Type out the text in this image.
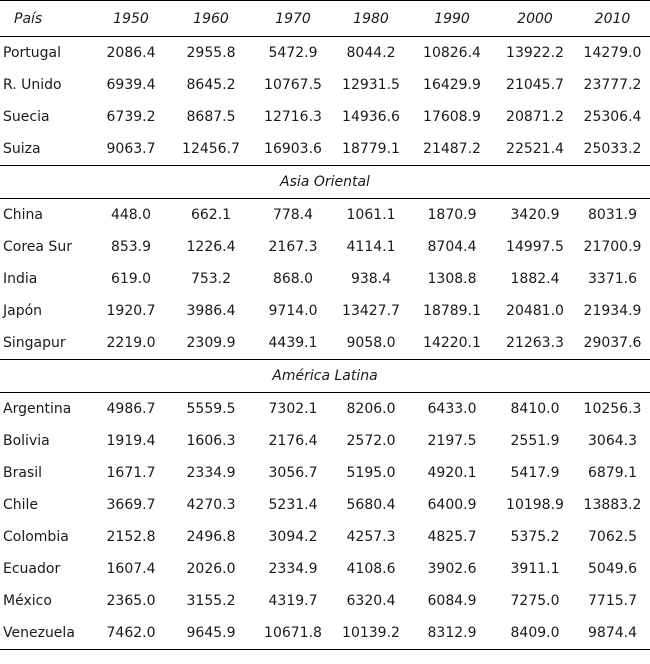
País	1950	1960	1970	1980	1990	2000	2010
Portugal	2086.4	2955.8	5472.9	8044.2	10826.4	13922.2	14279.0
R. Unido	6939.4	8645.2	10767.5	12931.5	16429.9	21045.7	23777.2
Suecia	6739.2	8687.5	12716.3	14936.6	17608.9	20871.2	25306.4
Suiza	9063.7	12456.7	16903.6	18779.1	21487.2	22521.4	25033.2
Asia Oriental							
China	448.0	662.1	778.4	1061.1	1870.9	3420.9	8031.9
Corea Sur	853.9	1226.4	2167.3	4114.1	8704.4	14997.5	21700.9
India	619.0	753.2	868.0	938.4	1308.8	1882.4	3371.6
Japón	1920.7	3986.4	9714.0	13427.7	18789.1	20481.0	21934.9
Singapur	2219.0	2309.9	4439.1	9058.0	14220.1	21263.3	29037.6
América Latina							
Argentina	4986.7	5559.5	7302.1	8206.0	6433.0	8410.0	10256.3
Bolivia	1919.4	1606.3	2176.4	2572.0	2197.5	2551.9	3064.3
Brasil	1671.7	2334.9	3056.7	5195.0	4920.1	5417.9	6879.1
Chile	3669.7	4270.3	5231.4	5680.4	6400.9	10198.9	13883.2
Colombia	2152.8	2496.8	3094.2	4257.3	4825.7	5375.2	7062.5
Ecuador	1607.4	2026.0	2334.9	4108.6	3902.6	3911.1	5049.6
México	2365.0	3155.2	4319.7	6320.4	6084.9	7275.0	7715.7
Venezuela	7462.0	9645.9	10671.8	10139.2	8312.9	8409.0	9874.4
